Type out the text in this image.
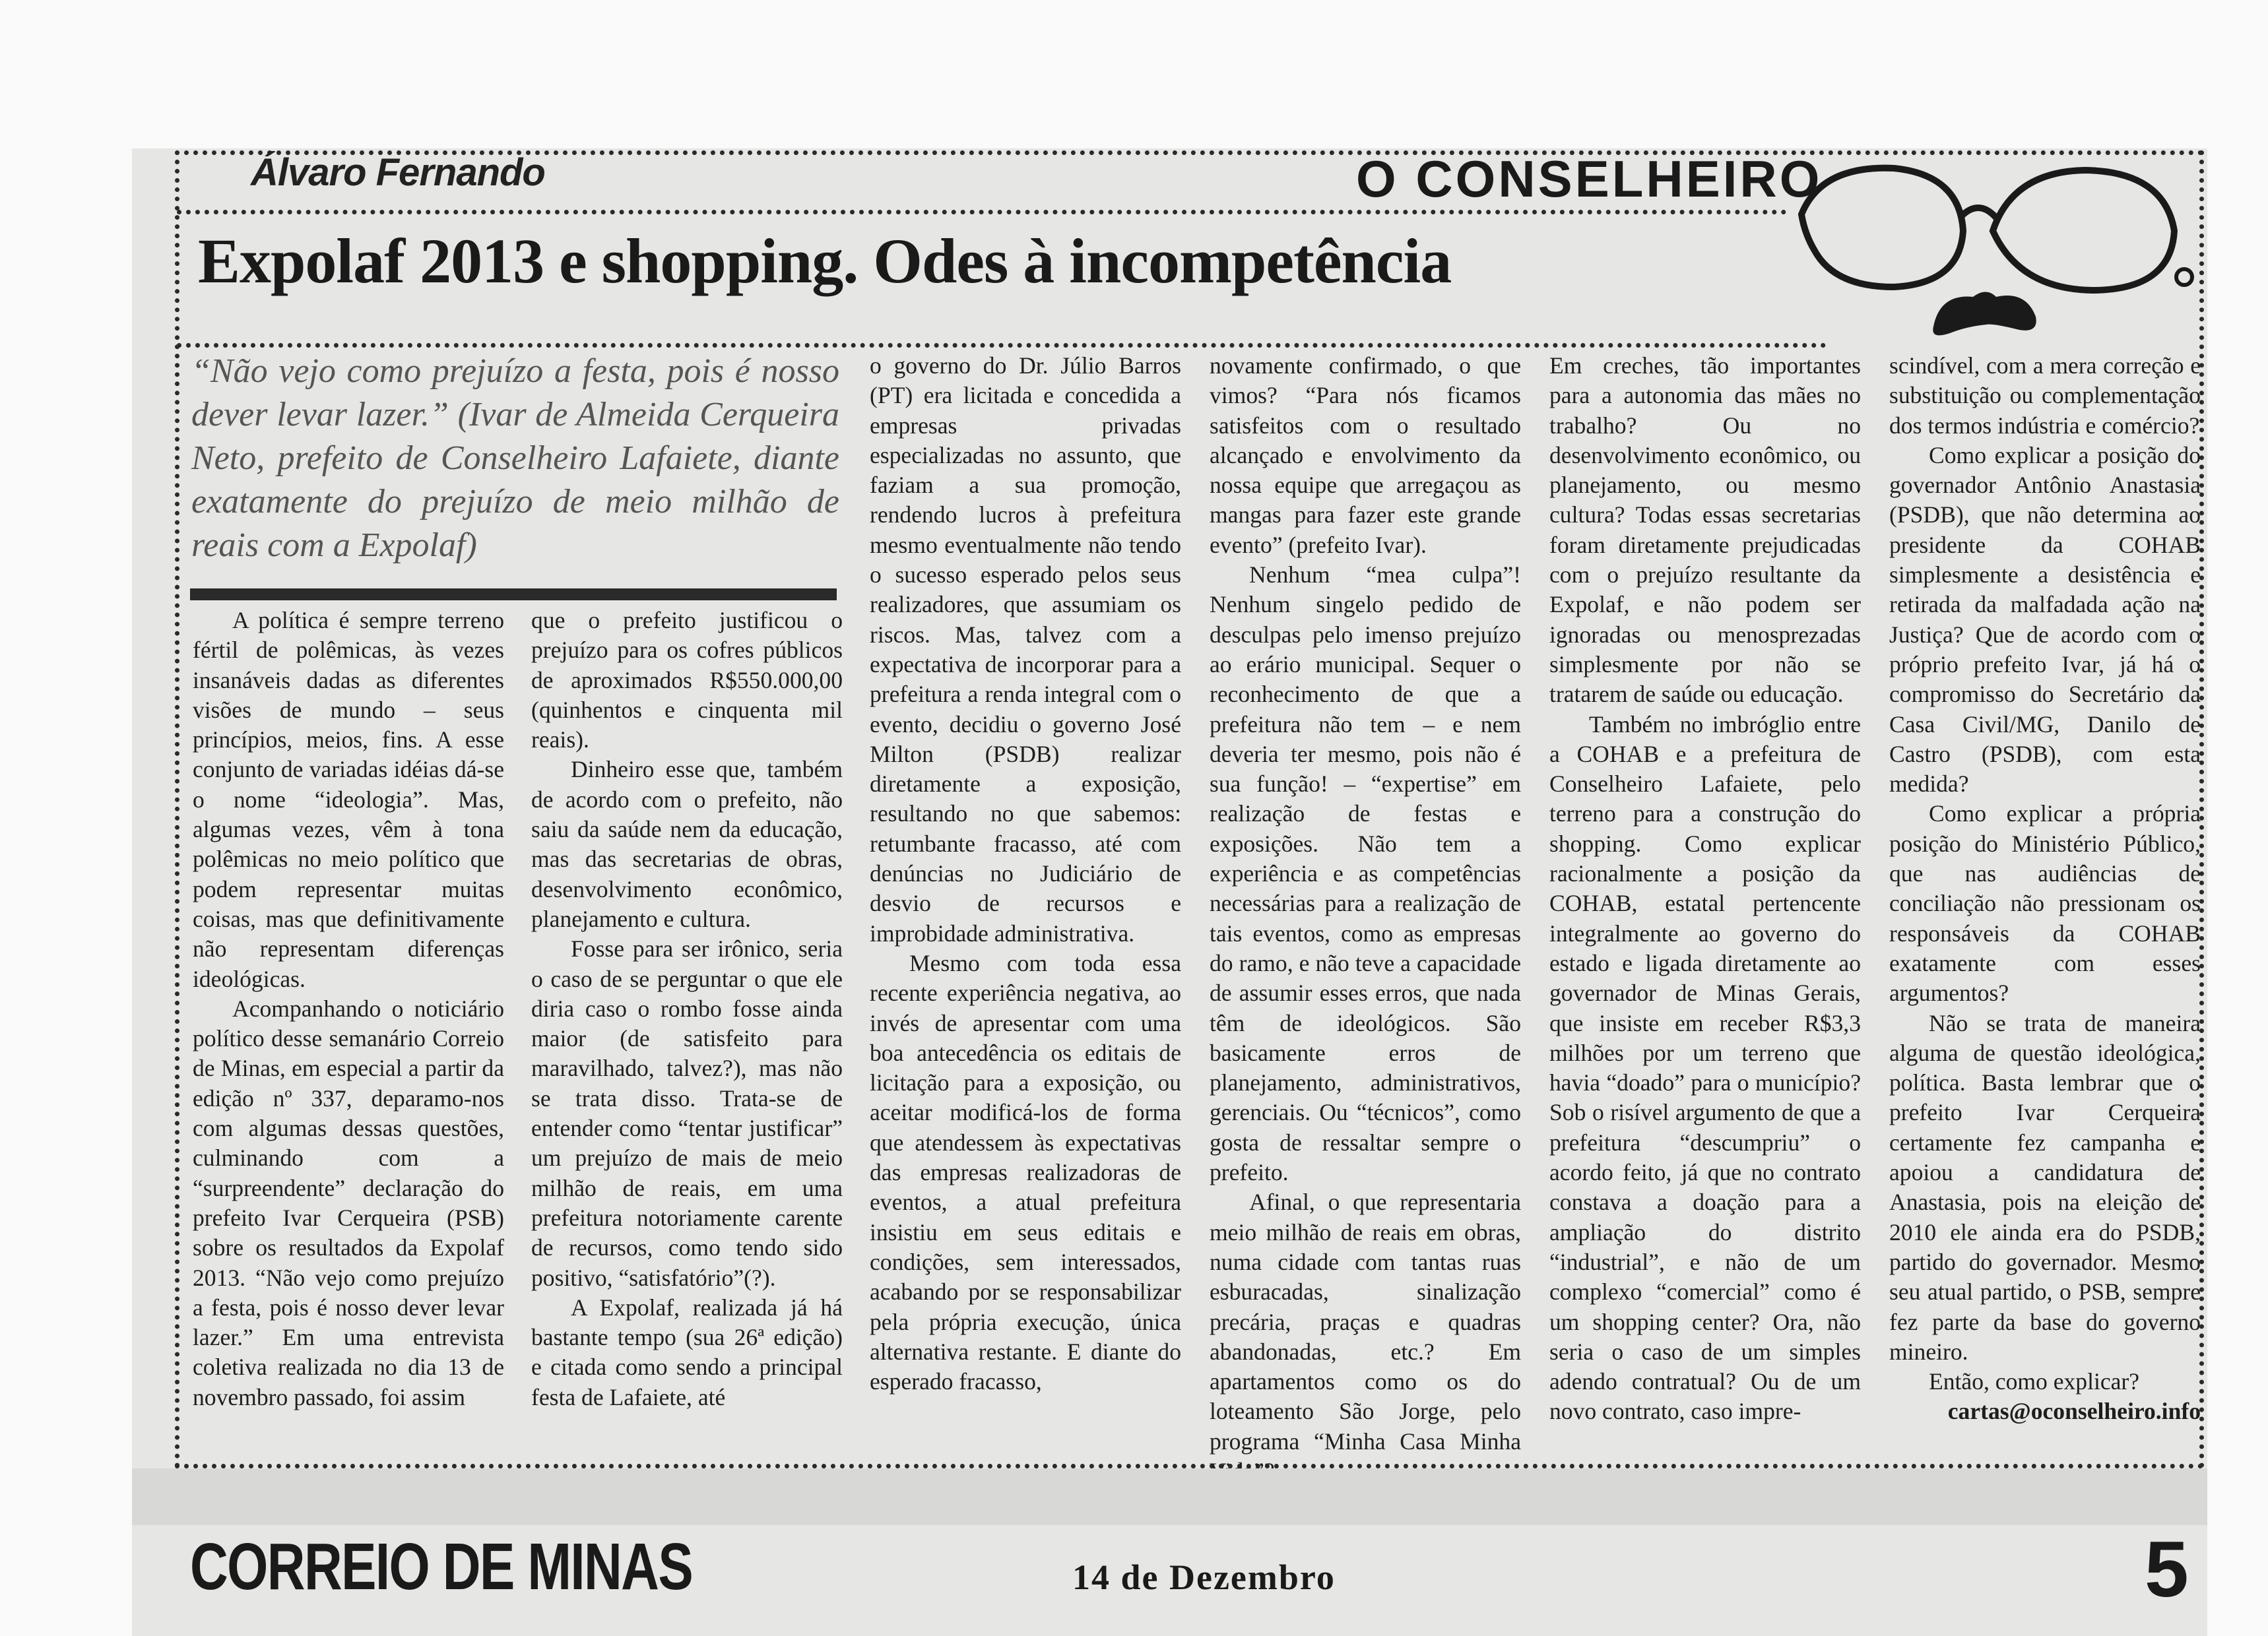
Álvaro Fernando	O CONSELHEIRO
Expolaf 2013 e shopping. Odes à incompetência
“Não vejo como prejuízo a festa, pois é nosso dever levar lazer.” (Ivar de Almeida Cerqueira Neto, prefeito de Conselheiro Lafaiete, diante exatamente do prejuízo de meio milhão de reais com a Expolaf)

A política é sempre terreno fértil de polêmicas, às vezes insanáveis dadas as diferentes visões de mundo – seus princípios, meios, fins. A esse conjunto de variadas idéias dá-se o nome “ideologia”. Mas, algumas vezes, vêm à tona polêmicas no meio político que podem representar muitas coisas, mas que definitivamente não representam diferenças ideológicas.

Acompanhando o noticiário político desse semanário Correio de Minas, em especial a partir da edição nº 337, deparamo-nos com algumas dessas questões, culminando com a “surpreendente” declaração do prefeito Ivar Cerqueira (PSB) sobre os resultados da Expolaf 2013. “Não vejo como prejuízo a festa, pois é nosso dever levar lazer.” Em uma entrevista coletiva realizada no dia 13 de novembro passado, foi assim

que o prefeito justificou o prejuízo para os cofres públicos de aproximados R$550.000,00 (quinhentos e cinquenta mil reais).

Dinheiro esse que, também de acordo com o prefeito, não saiu da saúde nem da educação, mas das secretarias de obras, desenvolvimento econômico, planejamento e cultura.

Fosse para ser irônico, seria o caso de se perguntar o que ele diria caso o rombo fosse ainda maior (de satisfeito para maravilhado, talvez?), mas não se trata disso. Trata-se de entender como “tentar justificar” um prejuízo de mais de meio milhão de reais, em uma prefeitura notoriamente carente de recursos, como tendo sido positivo, “satisfatório”(?).

A Expolaf, realizada já há bastante tempo (sua 26ª edição) e citada como sendo a principal festa de Lafaiete, até

o governo do Dr. Júlio Barros (PT) era licitada e concedida a empresas privadas especializadas no assunto, que faziam a sua promoção, rendendo lucros à prefeitura mesmo eventualmente não tendo o sucesso esperado pelos seus realizadores, que assumiam os riscos. Mas, talvez com a expectativa de incorporar para a prefeitura a renda integral com o evento, decidiu o governo José Milton (PSDB) realizar diretamente a exposição, resultando no que sabemos: retumbante fracasso, até com denúncias no Judiciário de desvio de recursos e improbidade administrativa.

Mesmo com toda essa recente experiência negativa, ao invés de apresentar com uma boa antecedência os editais de licitação para a exposição, ou aceitar modificá-los de forma que atendessem às expectativas das empresas realizadoras de eventos, a atual prefeitura insistiu em seus editais e condições, sem interessados, acabando por se responsabilizar pela própria execução, única alternativa restante. E diante do esperado fracasso,

novamente confirmado, o que vimos? “Para nós ficamos satisfeitos com o resultado alcançado e envolvimento da nossa equipe que arregaçou as mangas para fazer este grande evento” (prefeito Ivar).

Nenhum “mea culpa”! Nenhum singelo pedido de desculpas pelo imenso prejuízo ao erário municipal. Sequer o reconhecimento de que a prefeitura não tem – e nem deveria ter mesmo, pois não é sua função! – “expertise” em realização de festas e exposições. Não tem a experiência e as competências necessárias para a realização de tais eventos, como as empresas do ramo, e não teve a capacidade de assumir esses erros, que nada têm de ideológicos. São basicamente erros de planejamento, administrativos, gerenciais. Ou “técnicos”, como gosta de ressaltar sempre o prefeito.

Afinal, o que representaria meio milhão de reais em obras, numa cidade com tantas ruas esburacadas, sinalização precária, praças e quadras abandonadas, etc.? Em apartamentos como os do loteamento São Jorge, pelo programa “Minha Casa Minha

Em creches, tão importantes para a autonomia das mães no trabalho? Ou no desenvolvimento econômico, ou planejamento, ou mesmo cultura? Todas essas secretarias foram diretamente prejudicadas com o prejuízo resultante da Expolaf, e não podem ser ignoradas ou menosprezadas simplesmente por não se tratarem de saúde ou educação.

Também no imbróglio entre a COHAB e a prefeitura de Conselheiro Lafaiete, pelo terreno para a construção do shopping. Como explicar racionalmente a posição da COHAB, estatal pertencente integralmente ao governo do estado e ligada diretamente ao governador de Minas Gerais, que insiste em receber R$3,3 milhões por um terreno que havia “doado” para o município? Sob o risível argumento de que a prefeitura “descumpriu” o acordo feito, já que no contrato constava a doação para a ampliação do distrito “industrial”, e não de um complexo “comercial” como é um shopping center? Ora, não seria o caso de um simples adendo contratual? Ou de um novo contrato, caso impre-

scindível, com a mera correção e substituição ou complementação dos termos indústria e comércio?

Como explicar a posição do governador Antônio Anastasia (PSDB), que não determina ao presidente da COHAB simplesmente a desistência e retirada da malfadada ação na Justiça? Que de acordo com o próprio prefeito Ivar, já há o compromisso do Secretário da Casa Civil/MG, Danilo de Castro (PSDB), com esta medida?

Como explicar a própria posição do Ministério Público, que nas audiências de conciliação não pressionam os responsáveis da COHAB exatamente com esses argumentos?

Não se trata de maneira alguma de questão ideológica, política. Basta lembrar que o prefeito Ivar Cerqueira certamente fez campanha e apoiou a candidatura de Anastasia, pois na eleição de 2010 ele ainda era do PSDB, partido do governador. Mesmo seu atual partido, o PSB, sempre fez parte da base do governo mineiro.

Então, como explicar?

cartas@oconselheiro.info

CORREIO DE MINAS	14 de Dezembro	5
